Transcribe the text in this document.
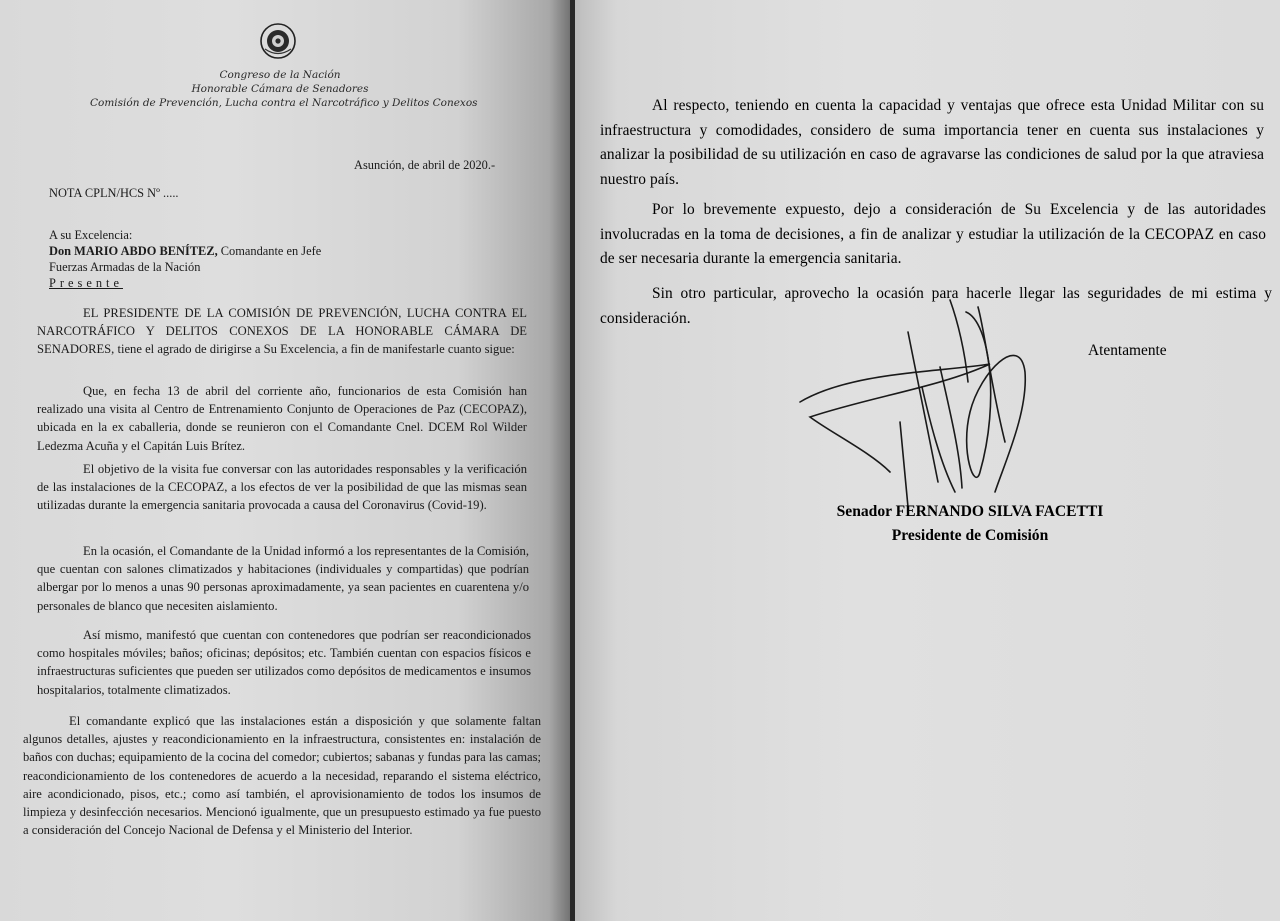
Congreso de la Nación
Honorable Cámara de Senadores
Comisión de Prevención, Lucha contra el Narcotráfico y Delitos Conexos
Asunción, de abril de 2020.-
NOTA CPLN/HCS Nº .....
A su Excelencia:
Don MARIO ABDO BENÍTEZ, Comandante en Jefe
Fuerzas Armadas de la Nación
Presente
EL PRESIDENTE DE LA COMISIÓN DE PREVENCIÓN, LUCHA CONTRA EL NARCOTRÁFICO Y DELITOS CONEXOS DE LA HONORABLE CÁMARA DE SENADORES, tiene el agrado de dirigirse a Su Excelencia, a fin de manifestarle cuanto sigue:
Que, en fecha 13 de abril del corriente año, funcionarios de esta Comisión han realizado una visita al Centro de Entrenamiento Conjunto de Operaciones de Paz (CECOPAZ), ubicada en la ex caballeria, donde se reunieron con el Comandante Cnel. DCEM Rol Wilder Ledezma Acuña y el Capitán Luis Brítez.
El objetivo de la visita fue conversar con las autoridades responsables y la verificación de las instalaciones de la CECOPAZ, a los efectos de ver la posibilidad de que las mismas sean utilizadas durante la emergencia sanitaria provocada a causa del Coronavirus (Covid-19).
En la ocasión, el Comandante de la Unidad informó a los representantes de la Comisión, que cuentan con salones climatizados y habitaciones (individuales y compartidas) que podrían albergar por lo menos a unas 90 personas aproximadamente, ya sean pacientes en cuarentena y/o personales de blanco que necesiten aislamiento.
Así mismo, manifestó que cuentan con contenedores que podrían ser reacondicionados como hospitales móviles; baños; oficinas; depósitos; etc. También cuentan con espacios físicos e infraestructuras suficientes que pueden ser utilizados como depósitos de medicamentos e insumos hospitalarios, totalmente climatizados.
El comandante explicó que las instalaciones están a disposición y que solamente faltan algunos detalles, ajustes y reacondicionamiento en la infraestructura, consistentes en: instalación de baños con duchas; equipamiento de la cocina del comedor; cubiertos; sabanas y fundas para las camas; reacondicionamiento de los contenedores de acuerdo a la necesidad, reparando el sistema eléctrico, aire acondicionado, pisos, etc.; como así también, el aprovisionamiento de todos los insumos de limpieza y desinfección necesarios. Mencionó igualmente, que un presupuesto estimado ya fue puesto a consideración del Concejo Nacional de Defensa y el Ministerio del Interior.
Al respecto, teniendo en cuenta la capacidad y ventajas que ofrece esta Unidad Militar con su infraestructura y comodidades, considero de suma importancia tener en cuenta sus instalaciones y analizar la posibilidad de su utilización en caso de agravarse las condiciones de salud por la que atraviesa nuestro país.
Por lo brevemente expuesto, dejo a consideración de Su Excelencia y de las autoridades involucradas en la toma de decisiones, a fin de analizar y estudiar la utilización de la CECOPAZ en caso de ser necesaria durante la emergencia sanitaria.
Sin otro particular, aprovecho la ocasión para hacerle llegar las seguridades de mi estima y consideración.
Atentamente
Senador FERNANDO SILVA FACETTI
Presidente de Comisión
